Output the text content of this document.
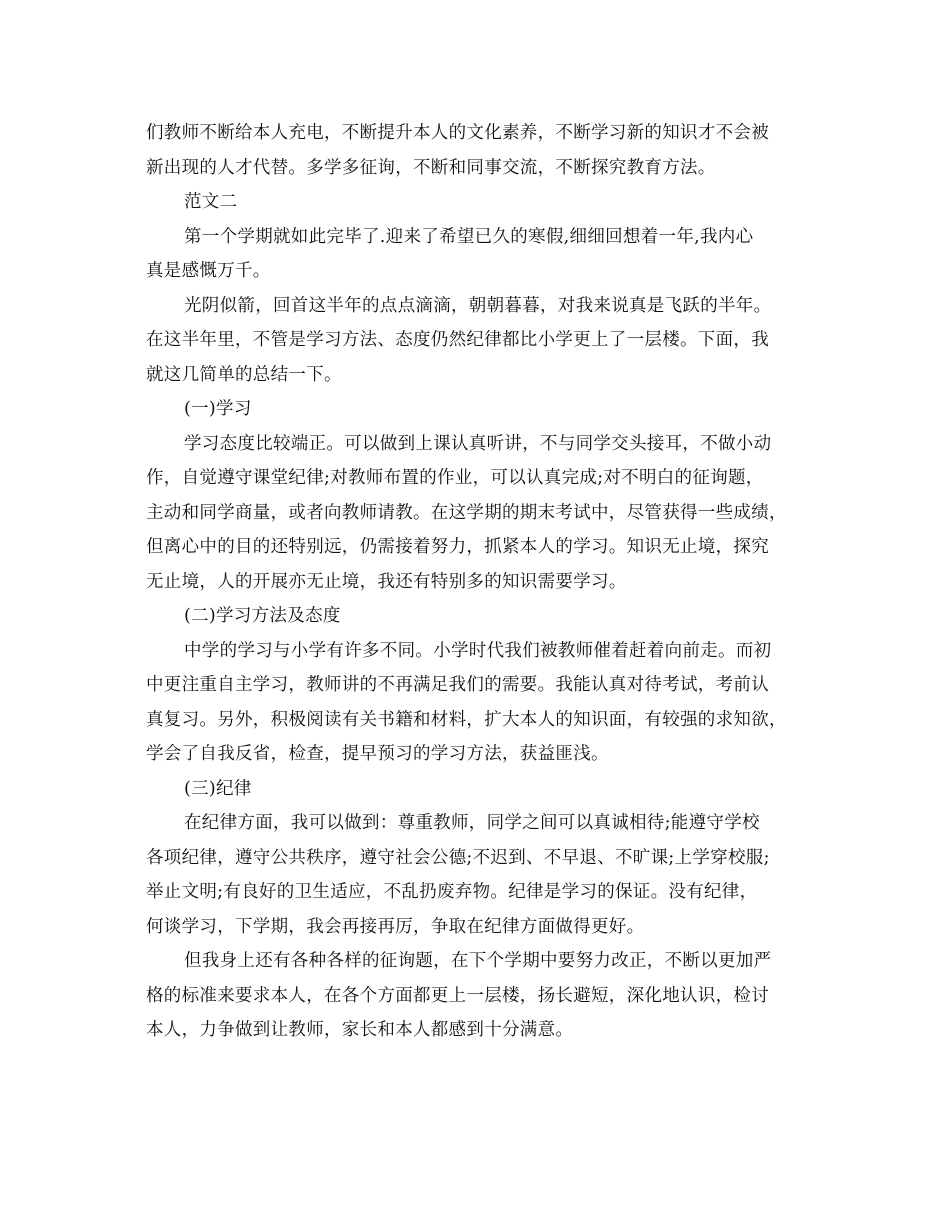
们教师不断给本人充电，不断提升本人的文化素养，不断学习新的知识才不会被
新出现的人才代替。多学多征询，不断和同事交流，不断探究教育方法。
范文二
第一个学期就如此完毕了.迎来了希望已久的寒假,细细回想着一年,我内心
真是感慨万千。
光阴似箭，回首这半年的点点滴滴，朝朝暮暮，对我来说真是飞跃的半年。
在这半年里，不管是学习方法、态度仍然纪律都比小学更上了一层楼。下面，我
就这几简单的总结一下。
(一)学习
学习态度比较端正。可以做到上课认真听讲，不与同学交头接耳，不做小动
作，自觉遵守课堂纪律;对教师布置的作业，可以认真完成;对不明白的征询题，
主动和同学商量，或者向教师请教。在这学期的期末考试中，尽管获得一些成绩，
但离心中的目的还特别远，仍需接着努力，抓紧本人的学习。知识无止境，探究
无止境，人的开展亦无止境，我还有特别多的知识需要学习。
(二)学习方法及态度
中学的学习与小学有许多不同。小学时代我们被教师催着赶着向前走。而初
中更注重自主学习，教师讲的不再满足我们的需要。我能认真对待考试，考前认
真复习。另外，积极阅读有关书籍和材料，扩大本人的知识面，有较强的求知欲，
学会了自我反省，检查，提早预习的学习方法，获益匪浅。
(三)纪律
在纪律方面，我可以做到：尊重教师，同学之间可以真诚相待;能遵守学校
各项纪律，遵守公共秩序，遵守社会公德;不迟到、不早退、不旷课;上学穿校服;
举止文明;有良好的卫生适应，不乱扔废弃物。纪律是学习的保证。没有纪律，
何谈学习，下学期，我会再接再厉，争取在纪律方面做得更好。
但我身上还有各种各样的征询题，在下个学期中要努力改正，不断以更加严
格的标准来要求本人，在各个方面都更上一层楼，扬长避短，深化地认识，检讨
本人，力争做到让教师，家长和本人都感到十分满意。
